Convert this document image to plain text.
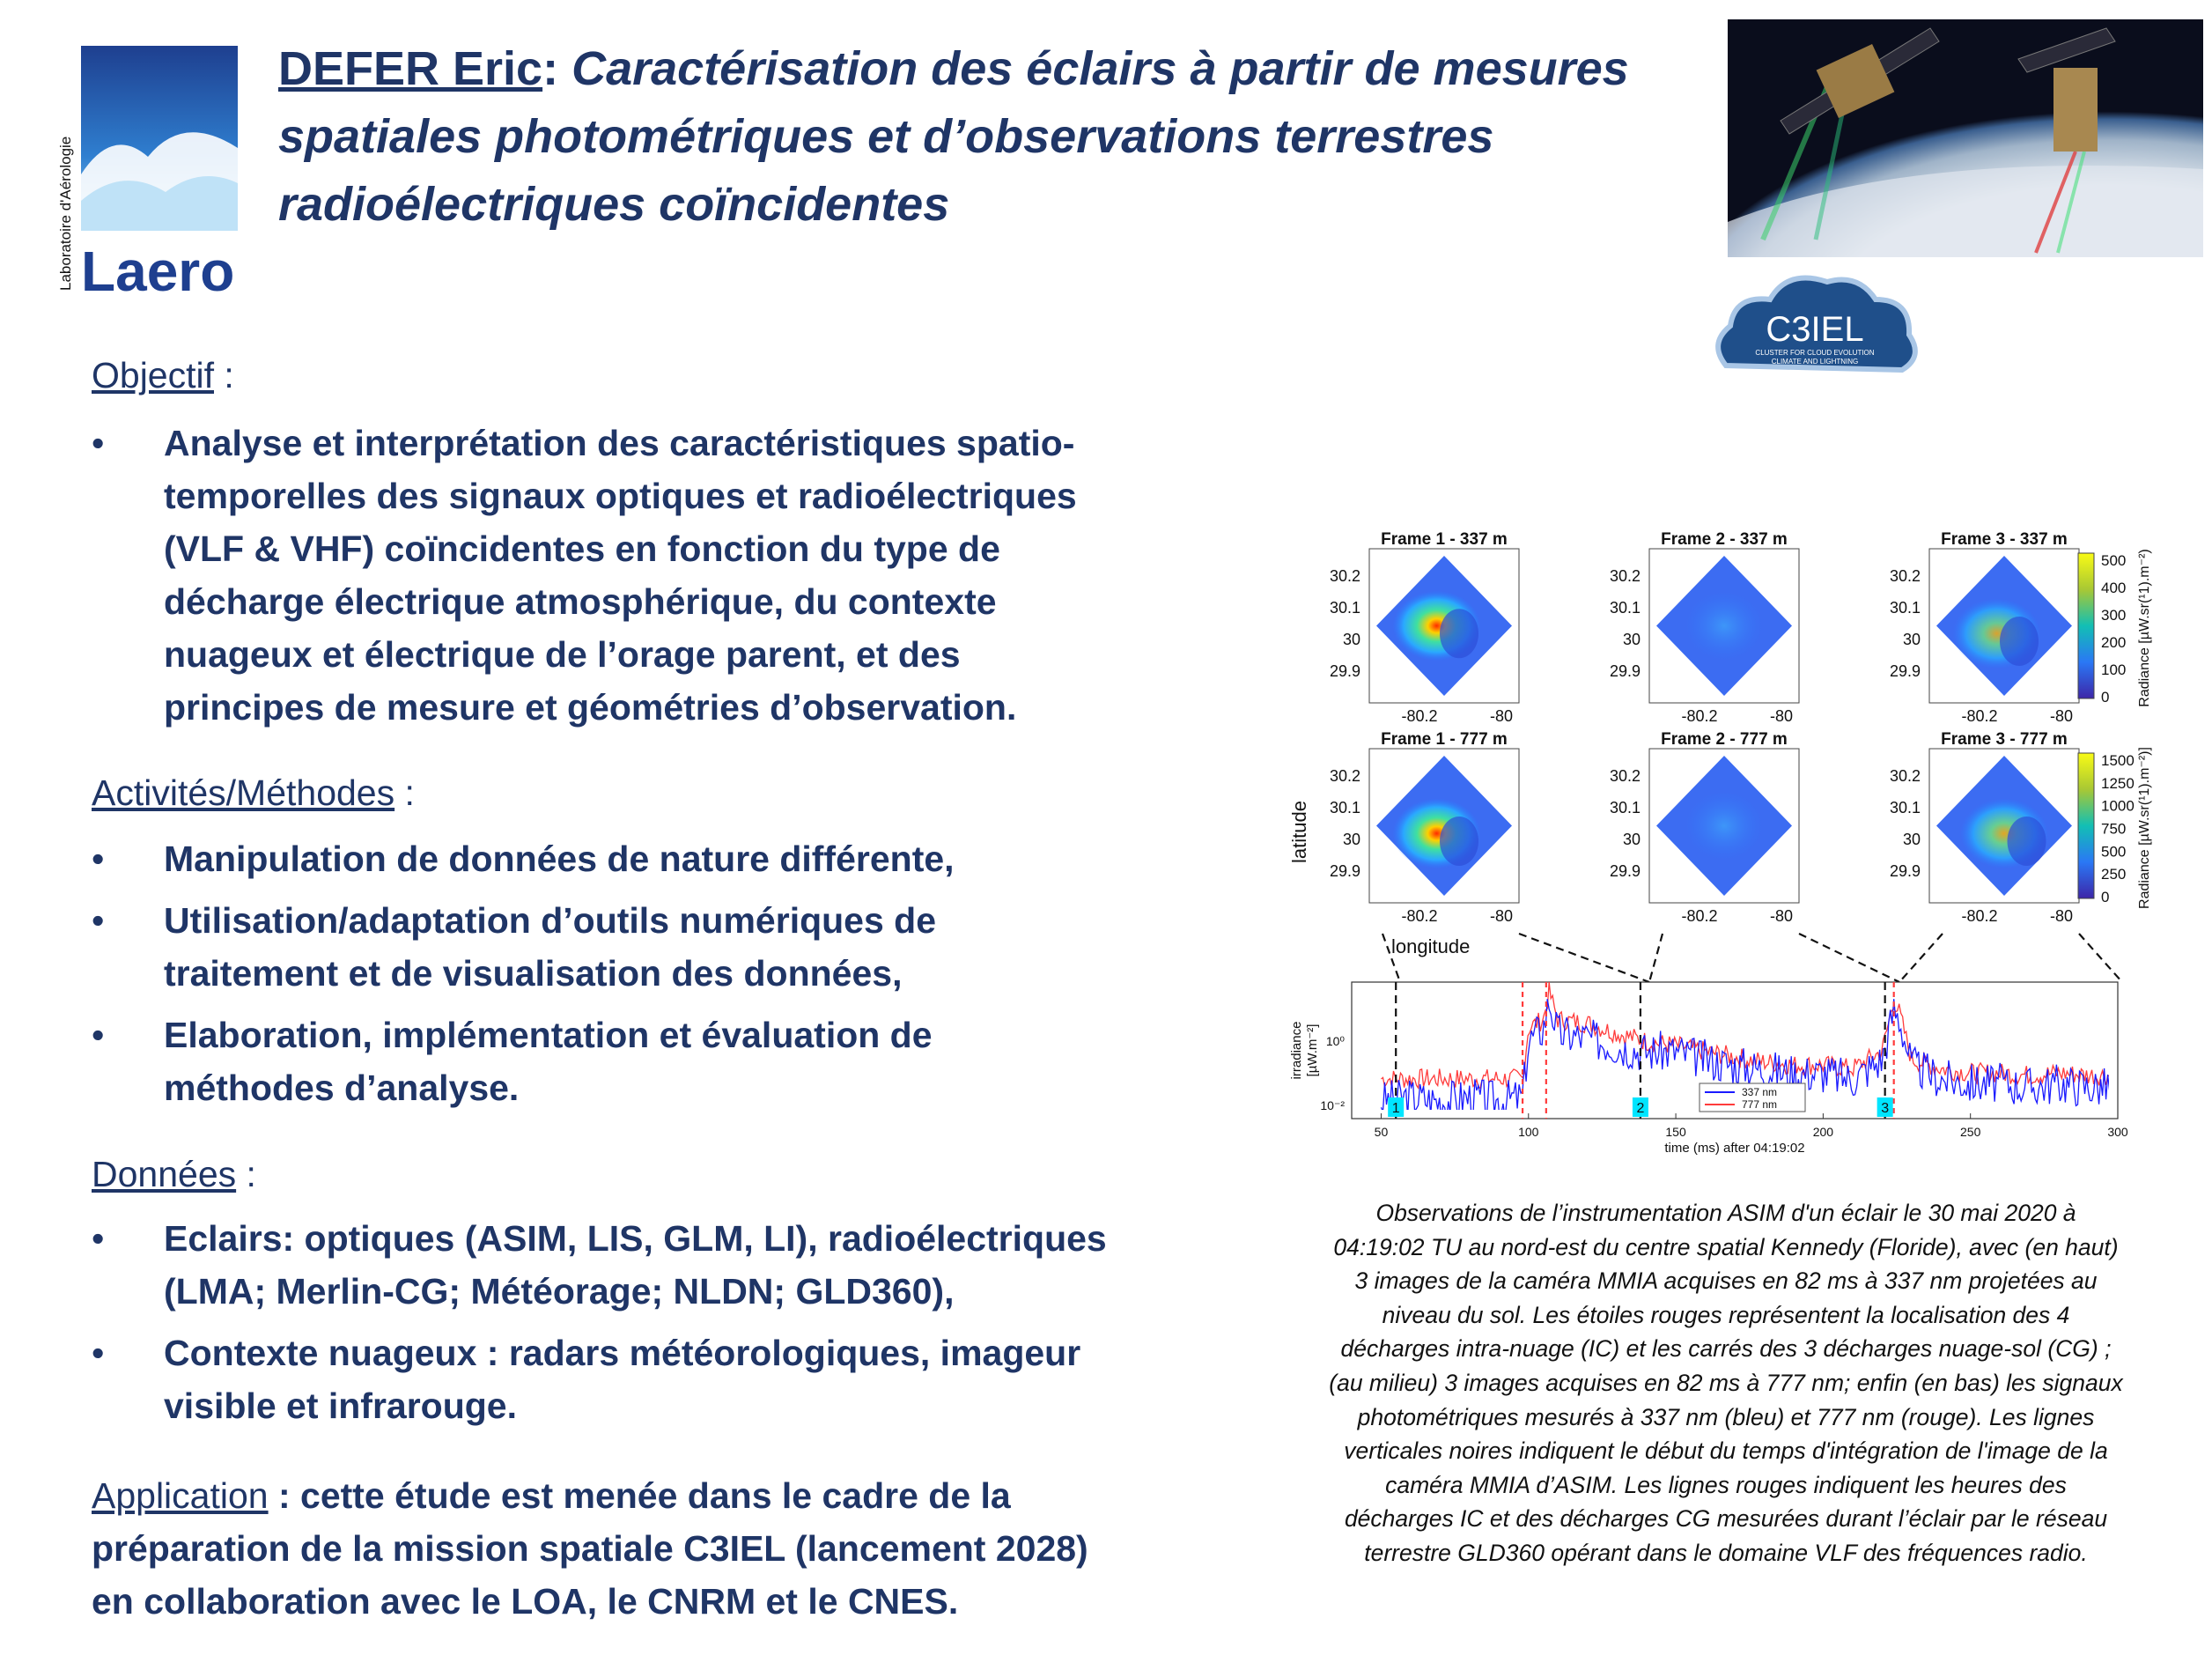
Laboratoire d'Aérologie Laero
DEFER Eric: Caractérisation des éclairs à partir de mesures
spatiales photométriques et d’observations terrestres
radioélectriques coïncidentes
C3IEL
CLUSTER FOR CLOUD EVOLUTION
CLIMATE AND LIGHTNING
Objectif :
• Analyse et interprétation des caractéristiques spatio-
temporelles des signaux optiques et radioélectriques
(VLF & VHF) coïncidentes en fonction du type de
décharge électrique atmosphérique, du contexte
nuageux et électrique de l’orage parent, et des
principes de mesure et géométries d’observation.
Activités/Méthodes :
• Manipulation de données de nature différente,
• Utilisation/adaptation d’outils numériques de
traitement et de visualisation des données,
• Elaboration, implémentation et évaluation de
méthodes d’analyse.
Données :
• Eclairs: optiques (ASIM, LIS, GLM, LI), radioélectriques
(LMA; Merlin-CG; Météorage; NLDN; GLD360),
• Contexte nuageux : radars météorologiques, imageur
visible et infrarouge.
Application : cette étude est menée dans le cadre de la
préparation de la mission spatiale C3IEL (lancement 2028)
en collaboration avec le LOA, le CNRM et le CNES.
Frame 1 - 337 m
30.2
30.1
30
29.9
-80.2	-80
Frame 2 - 337 m
30.2
30.1
30
29.9
-80.2	-80
Frame 3 - 337 m
30.2
30.1
30
29.9
-80.2	-80
Frame 1 - 777 m
30.2
30.1
30
29.9
-80.2	-80
Frame 2 - 777 m
30.2
30.1
30
29.9
-80.2	-80
Frame 3 - 777 m
30.2
30.1
30
29.9
-80.2	-80
500
400
300
200
100
0 Radiance [µW.sr(¹1).m⁻²)
1500
1250
1000
750
500
250
0 Radiance [µW.sr(¹1).m⁻²)]
latitude
longitude
irradiance [µW.m⁻²] 10⁰
10⁻²
50	100	150	200	250	300
time (ms) after 04:19:02
1	2	3
337 nm
777 nm
Observations de l’instrumentation ASIM d'un éclair le 30 mai 2020 à
04:19:02 TU au nord-est du centre spatial Kennedy (Floride), avec (en haut)
3 images de la caméra MMIA acquises en 82 ms à 337 nm projetées au
niveau du sol. Les étoiles rouges représentent la localisation des 4
décharges intra-nuage (IC) et les carrés des 3 décharges nuage-sol (CG) ;
(au milieu) 3 images acquises en 82 ms à 777 nm; enfin (en bas) les signaux
photométriques mesurés à 337 nm (bleu) et 777 nm (rouge). Les lignes
verticales noires indiquent le début du temps d'intégration de l'image de la
caméra MMIA d’ASIM. Les lignes rouges indiquent les heures des
décharges IC et des décharges CG mesurées durant l’éclair par le réseau
terrestre GLD360 opérant dans le domaine VLF des fréquences radio.
